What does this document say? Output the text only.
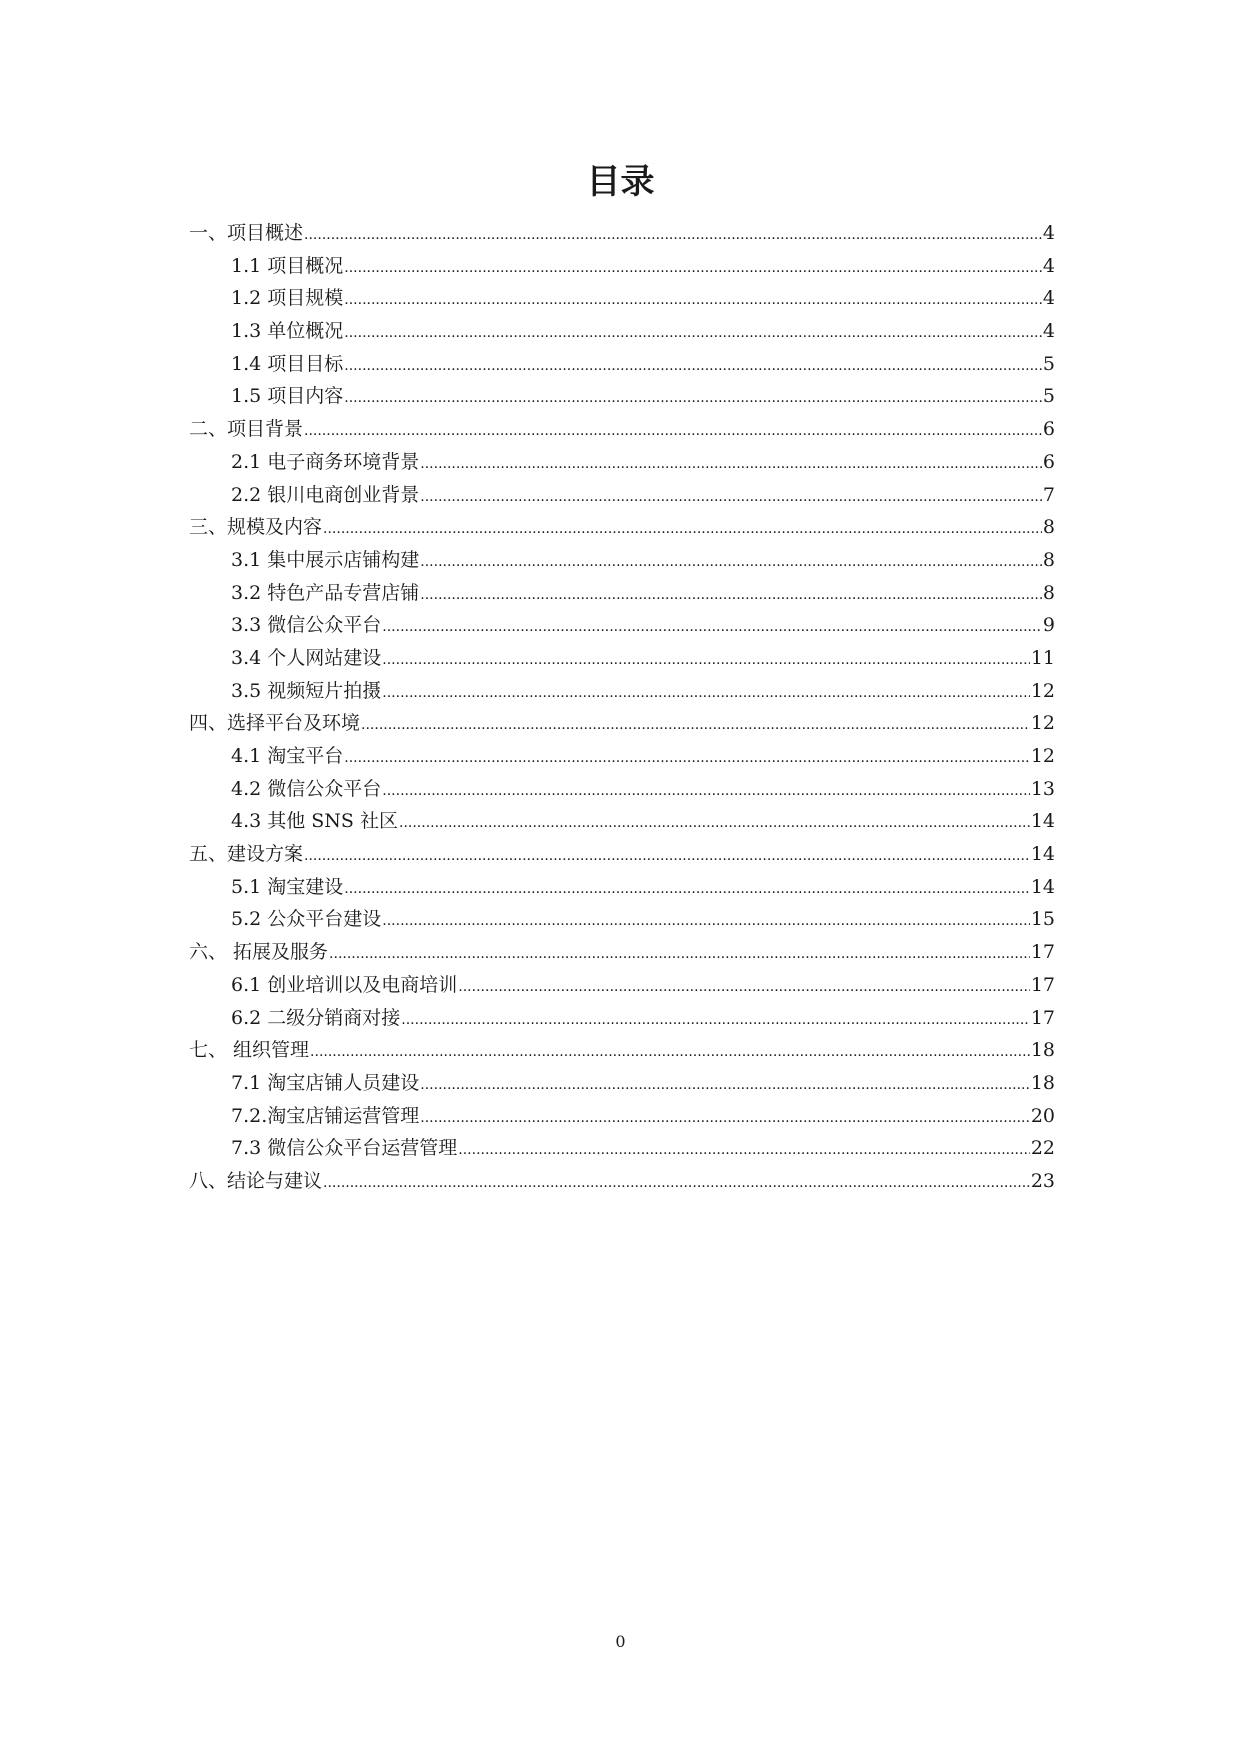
目录
一、项目概述 .....	4
1.1 项目概况 .....	4
1.2 项目规模 .....	4
1.3 单位概况 .....	4
1.4 项目目标 .....	5
1.5 项目内容 .....	5
二、项目背景 .....	6
2.1 电子商务环境背景 .....	6
2.2 银川电商创业背景 .....	7
三、规模及内容 .....	8
3.1 集中展示店铺构建 .....	8
3.2 特色产品专营店铺 .....	8
3.3 微信公众平台 .....	9
3.4 个人网站建设 .....	11
3.5 视频短片拍摄 .....	12
四、选择平台及环境 .....	12
4.1 淘宝平台 .....	12
4.2 微信公众平台 .....	13
4.3 其他 SNS 社区 .....	14
五、建设方案 .....	14
5.1 淘宝建设 .....	14
5.2 公众平台建设 .....	15
六、 拓展及服务 .....	17
6.1 创业培训以及电商培训 .....	17
6.2 二级分销商对接 .....	17
七、 组织管理 .....	18
7.1 淘宝店铺人员建设 .....	18
7.2.淘宝店铺运营管理 .....	20
7.3 微信公众平台运营管理 .....	22
八、结论与建议 .....	23
0
